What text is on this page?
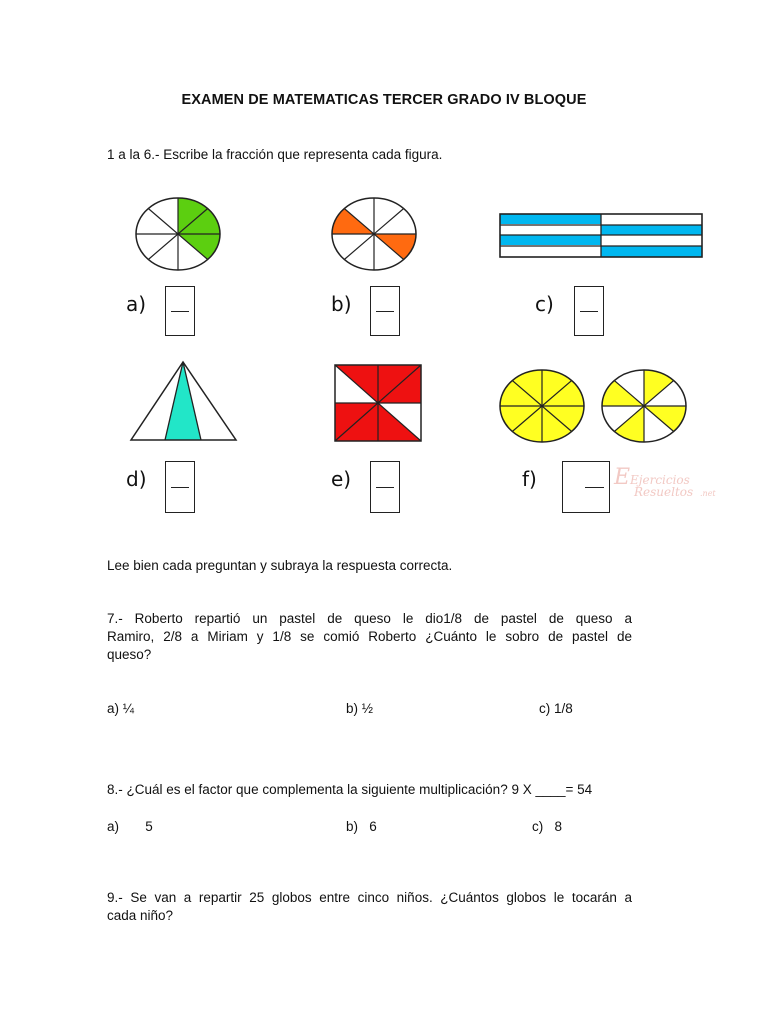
EXAMEN DE MATEMATICAS TERCER GRADO IV BLOQUE
1 a la 6.- Escribe la fracción que representa cada figura.
a)	b)	c)
d)	e)	f)	E Ejercicios
Resueltos .net
Lee bien cada preguntan y subraya la respuesta correcta.
7.- Roberto repartió un pastel de queso le dio1/8 de pastel de queso a
Ramiro, 2/8 a Miriam y 1/8 se comió Roberto ¿Cuánto le sobro de pastel de
queso?
a) ¼	b) ½	c) 1/8
8.- ¿Cuál es el factor que complementa la siguiente multiplicación? 9 X ____= 54
a)       5	b)   6	c)   8
9.- Se van a repartir 25 globos entre cinco niños. ¿Cuántos globos le tocarán a
cada niño?
